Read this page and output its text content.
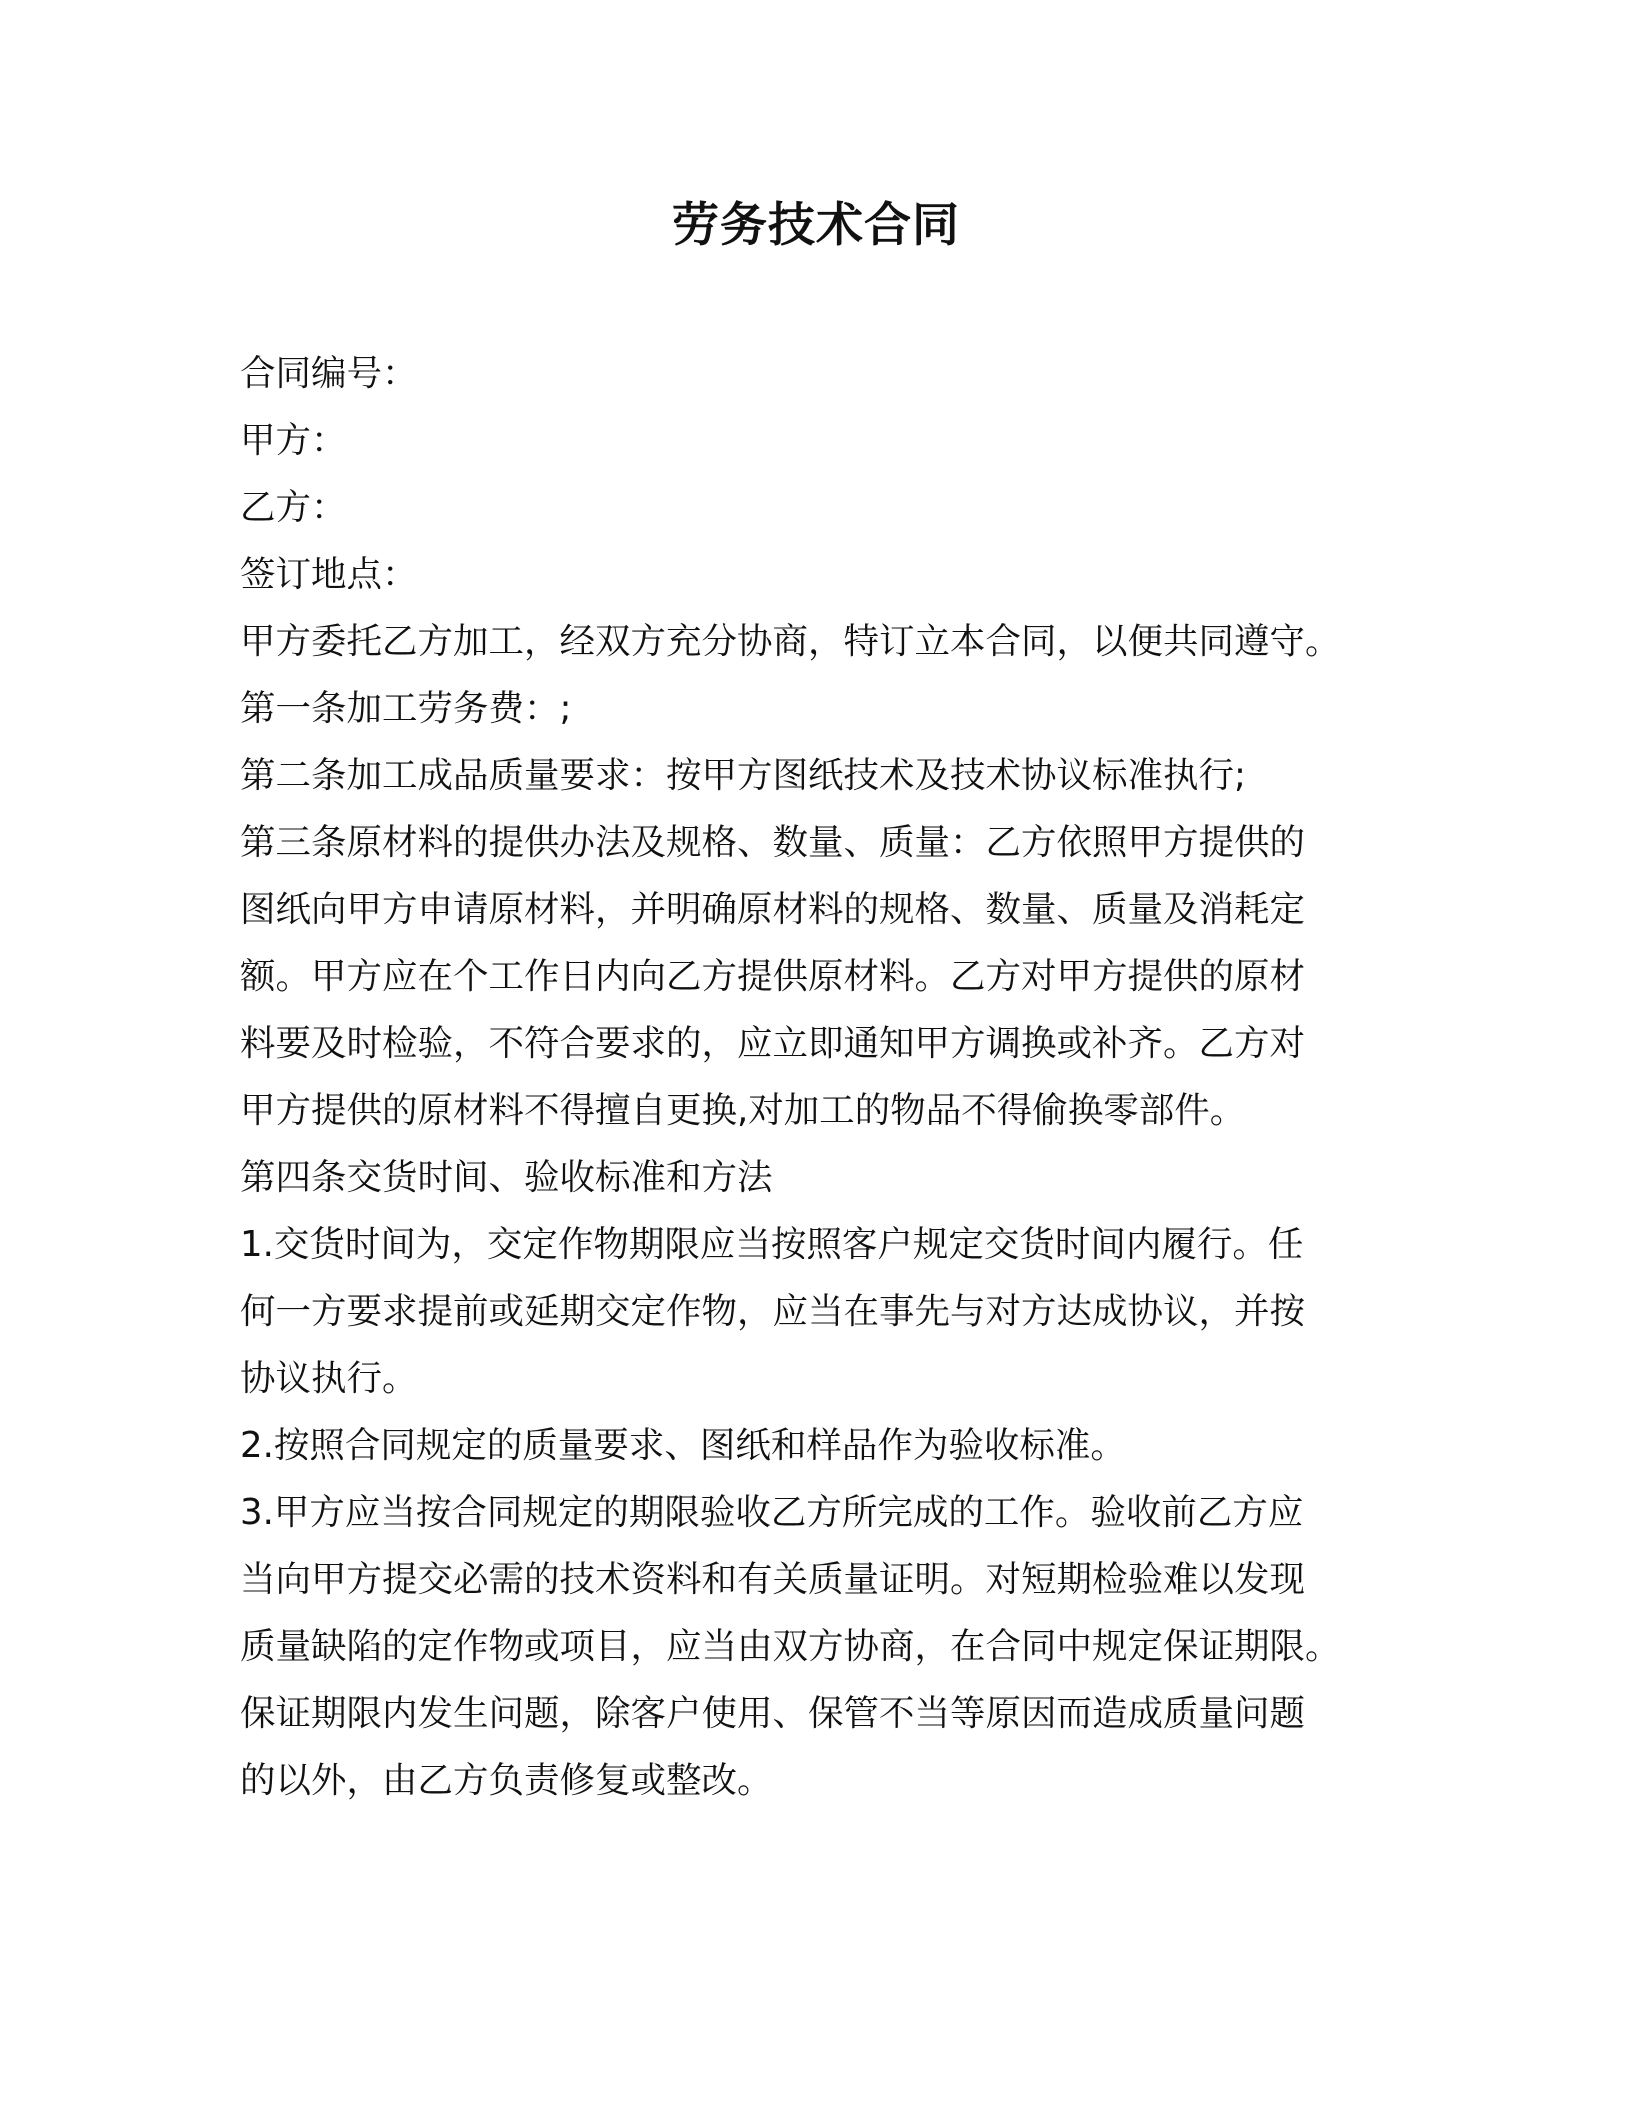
劳务技术合同
合同编号：
甲方：
乙方：
签订地点：
甲方委托乙方加工，经双方充分协商，特订立本合同，以便共同遵守。
第一条加工劳务费：;
第二条加工成品质量要求：按甲方图纸技术及技术协议标准执行;
第三条原材料的提供办法及规格、数量、质量：乙方依照甲方提供的
图纸向甲方申请原材料，并明确原材料的规格、数量、质量及消耗定
额。甲方应在个工作日内向乙方提供原材料。乙方对甲方提供的原材
料要及时检验，不符合要求的，应立即通知甲方调换或补齐。乙方对
甲方提供的原材料不得擅自更换,对加工的物品不得偷换零部件。
第四条交货时间、验收标准和方法
1.交货时间为，交定作物期限应当按照客户规定交货时间内履行。任
何一方要求提前或延期交定作物，应当在事先与对方达成协议，并按
协议执行。
2.按照合同规定的质量要求、图纸和样品作为验收标准。
3.甲方应当按合同规定的期限验收乙方所完成的工作。验收前乙方应
当向甲方提交必需的技术资料和有关质量证明。对短期检验难以发现
质量缺陷的定作物或项目，应当由双方协商，在合同中规定保证期限。
保证期限内发生问题，除客户使用、保管不当等原因而造成质量问题
的以外，由乙方负责修复或整改。
